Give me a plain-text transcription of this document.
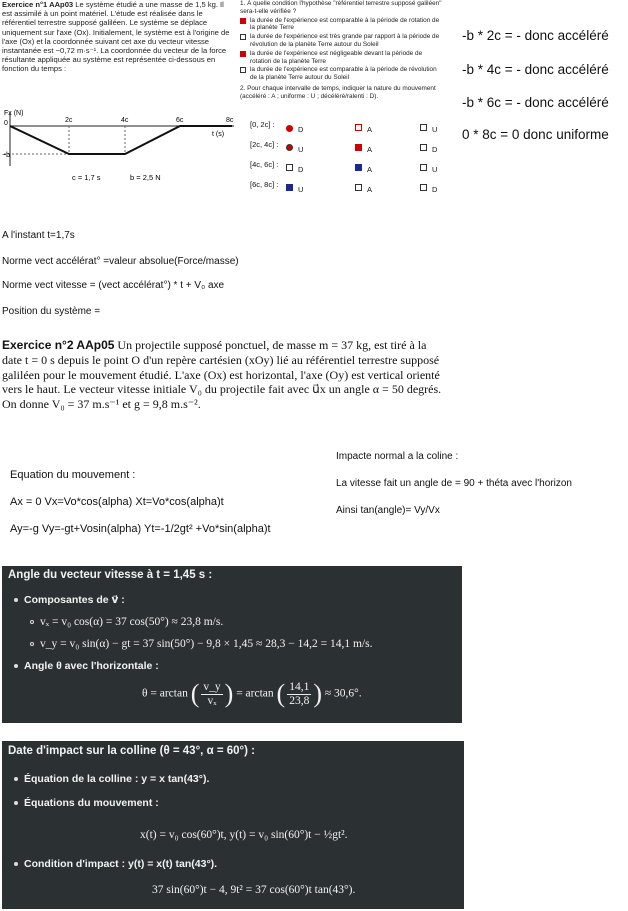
Exercice n°1 AAp03 Le système étudié a une masse de 1,5 kg. Il est assimilé à un point matériel. L'étude est réalisée dans le référentiel terrestre supposé galiléen. Le système se déplace uniquement sur l'axe (Ox). Initialement, le système est à l'origine de l'axe (Ox) et la coordonnée suivant cet axe du vecteur vitesse instantanée est −0,72 m·s⁻¹. La coordonnée du vecteur de la force résultante appliquée au système est représentée ci-dessous en fonction du temps :
Fx (N)
0	2c	4c	6c	8c
t (s)
−b
c = 1,7 s	b = 2,5 N
1. À quelle condition l'hypothèse "référentiel terrestre supposé galiléen" sera-t-elle vérifiée ?
la durée de l'expérience est comparable à la période de rotation de la planète Terre
la durée de l'expérience est très grande par rapport à la période de révolution de la planète Terre autour du Soleil
la durée de l'expérience est négligeable devant la période de rotation de la planète Terre
la durée de l'expérience est comparable à la période de révolution de la planète Terre autour du Soleil
2. Pour chaque intervalle de temps, indiquer la nature du mouvement (accéléré : A ; uniforme : U ; décéléré/ralenti : D).
[0, 2c] :
D	A	U
[2c, 4c] :
U	A	D
[4c, 6c] :
D	A	U
[6c, 8c] :
U	A	D
-b * 2c = - donc accéléré
-b * 4c = - donc accéléré
-b * 6c = - donc accéléré
0 * 8c = 0 donc uniforme
A l'instant t=1,7s
Norme vect accélérat° =valeur absolue(Force/masse)
Norme vect vitesse = (vect accélérat°) * t + V₀ axe
Position du système =
Exercice n°2 AAp05 Un projectile supposé ponctuel, de masse m = 37 kg, est tiré à la date t = 0 s depuis le point O d'un repère cartésien (xOy) lié au référentiel terrestre supposé galiléen pour le mouvement étudié. L'axe (Ox) est horizontal, l'axe (Oy) est vertical orienté vers le haut. Le vecteur vitesse initiale V₀ du projectile fait avec u⃗x un angle α = 50 degrés. On donne V₀ = 37 m.s⁻¹ et g = 9,8 m.s⁻².
Equation du mouvement :
Ax = 0 Vx=Vo*cos(alpha) Xt=Vo*cos(alpha)t
Ay=-g Vy=-gt+Vosin(alpha) Yt=-1/2gt² +Vo*sin(alpha)t
Impacte normal a la coline :
La vitesse fait un angle de = 90 + théta avec l'horizon
Ainsi tan(angle)= Vy/Vx
Angle du vecteur vitesse à t = 1,45 s :
Composantes de v⃗ :
vₓ = v₀ cos(α) = 37 cos(50°) ≈ 23,8 m/s.
v_y = v₀ sin(α) − gt = 37 sin(50°) − 9,8 × 1,45 ≈ 28,3 − 14,2 = 14,1 m/s.
Angle θ avec l'horizontale :
θ = arctan ( $\frac{v\_y}{\text{vₓ}}$ ) = arctan ( $\frac{14,1}{23,8}$ ) ≈ 30,6°.
Date d'impact sur la colline (θ = 43°, α = 60°) :
Équation de la colline : y = x tan(43°).
Équations du mouvement :
x(t) = v₀ cos(60°)t, y(t) = v₀ sin(60°)t − ½gt².
Condition d'impact : y(t) = x(t) tan(43°).
37 sin(60°)t − 4, 9t² = 37 cos(60°)t tan(43°).
